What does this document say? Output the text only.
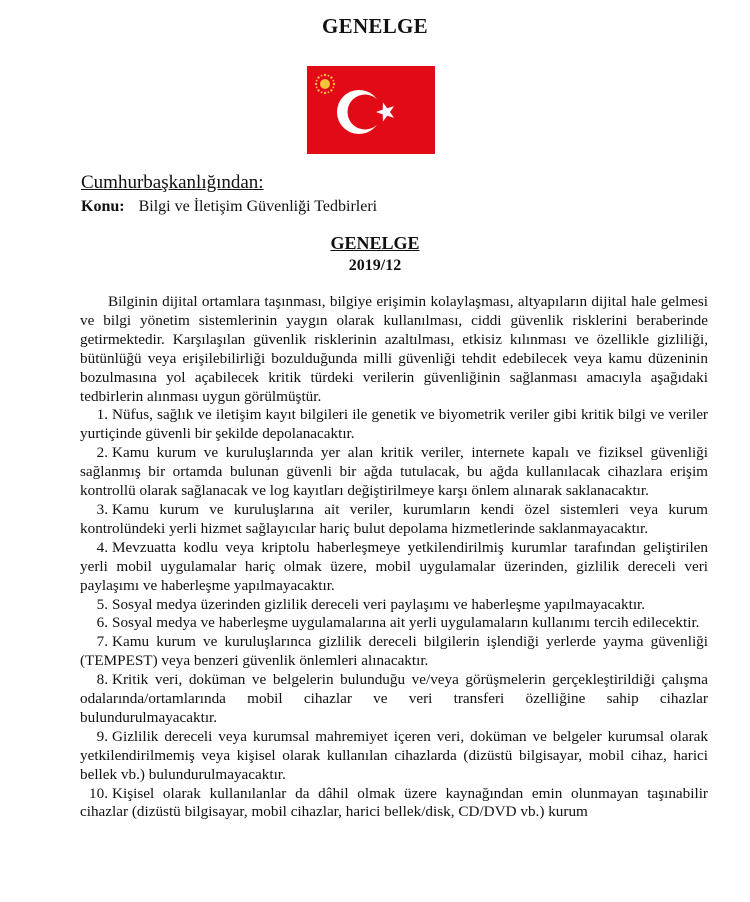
GENELGE
Cumhurbaşkanlığından:
Konu: Bilgi ve İletişim Güvenliği Tedbirleri
GENELGE
2019/12

Bilginin dijital ortamlara taşınması, bilgiye erişimin kolaylaşması, altyapıların dijital hale gelmesi ve bilgi yönetim sistemlerinin yaygın olarak kullanılması, ciddi güvenlik risklerini beraberinde getirmektedir. Karşılaşılan güvenlik risklerinin azaltılması, etkisiz kılınması ve özellikle gizliliği, bütünlüğü veya erişilebilirliği bozulduğunda milli güvenliği tehdit edebilecek veya kamu düzeninin bozulmasına yol açabilecek kritik türdeki verilerin güvenliğinin sağlanması amacıyla aşağıdaki tedbirlerin alınması uygun görülmüştür.

1. Nüfus, sağlık ve iletişim kayıt bilgileri ile genetik ve biyometrik veriler gibi kritik bilgi ve veriler yurtiçinde güvenli bir şekilde depolanacaktır.

2. Kamu kurum ve kuruluşlarında yer alan kritik veriler, internete kapalı ve fiziksel güvenliği sağlanmış bir ortamda bulunan güvenli bir ağda tutulacak, bu ağda kullanılacak cihazlara erişim kontrollü olarak sağlanacak ve log kayıtları değiştirilmeye karşı önlem alınarak saklanacaktır.

3. Kamu kurum ve kuruluşlarına ait veriler, kurumların kendi özel sistemleri veya kurum kontrolündeki yerli hizmet sağlayıcılar hariç bulut depolama hizmetlerinde saklanmayacaktır.

4. Mevzuatta kodlu veya kriptolu haberleşmeye yetkilendirilmiş kurumlar tarafından geliştirilen yerli mobil uygulamalar hariç olmak üzere, mobil uygulamalar üzerinden, gizlilik dereceli veri paylaşımı ve haberleşme yapılmayacaktır.

5. Sosyal medya üzerinden gizlilik dereceli veri paylaşımı ve haberleşme yapılmayacaktır.

6. Sosyal medya ve haberleşme uygulamalarına ait yerli uygulamaların kullanımı tercih edilecektir.

7. Kamu kurum ve kuruluşlarınca gizlilik dereceli bilgilerin işlendiği yerlerde yayma güvenliği (TEMPEST) veya benzeri güvenlik önlemleri alınacaktır.

8. Kritik veri, doküman ve belgelerin bulunduğu ve/veya görüşmelerin gerçekleştirildiği çalışma odalarında/ortamlarında mobil cihazlar ve veri transferi özelliğine sahip cihazlar bulundurulmayacaktır.

9. Gizlilik dereceli veya kurumsal mahremiyet içeren veri, doküman ve belgeler kurumsal olarak yetkilendirilmemiş veya kişisel olarak kullanılan cihazlarda (dizüstü bilgisayar, mobil cihaz, harici bellek vb.) bulundurulmayacaktır.

10. Kişisel olarak kullanılanlar da dâhil olmak üzere kaynağından emin olunmayan taşınabilir cihazlar (dizüstü bilgisayar, mobil cihazlar, harici bellek/disk, CD/DVD vb.) kurum
